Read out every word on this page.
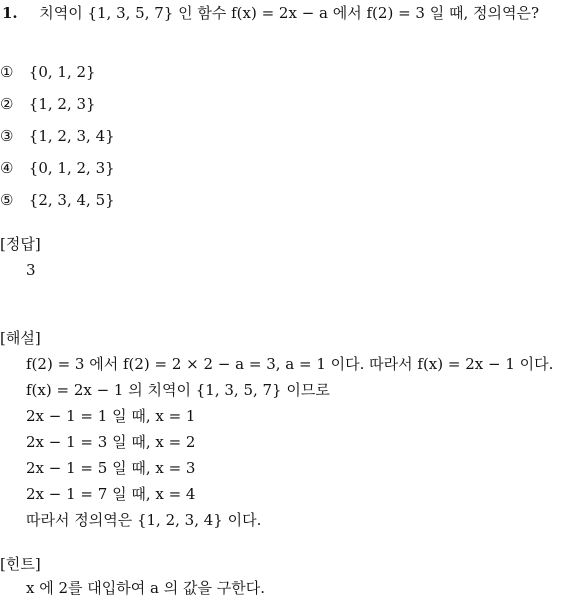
1. 치역이 {1, 3, 5, 7} 인 함수 f(x) = 2x − a 에서 f(2) = 3 일 때, 정의역은?
① {0, 1, 2}
② {1, 2, 3}
③ {1, 2, 3, 4}
④ {0, 1, 2, 3}
⑤ {2, 3, 4, 5}
[정답]
3
[해설]
f(2) = 3 에서 f(2) = 2 × 2 − a = 3, a = 1 이다. 따라서 f(x) = 2x − 1 이다.
f(x) = 2x − 1 의 치역이 {1, 3, 5, 7} 이므로
2x − 1 = 1 일 때, x = 1
2x − 1 = 3 일 때, x = 2
2x − 1 = 5 일 때, x = 3
2x − 1 = 7 일 때, x = 4
따라서 정의역은 {1, 2, 3, 4} 이다.
[힌트]
x 에 2를 대입하여 a 의 값을 구한다.
